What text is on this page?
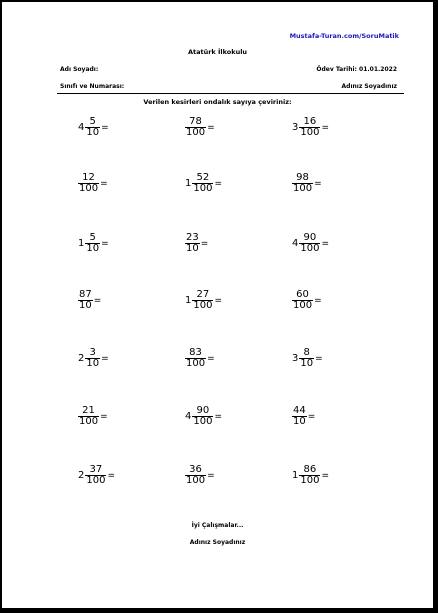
Mustafa-Turan.com/SoruMatik
Atatürk İlkokulu
Adı Soyadı:	Ödev Tarihi: 01.01.2022
Sınıfı ve Numarası:	Adınız Soyadınız
Verilen kesirleri ondalık sayıya çeviriniz:
$4 \frac{5}{10}$ =	$\frac{78}{100}$ =	$3 \frac{16}{100}$ =
$\frac{12}{100}$ =	$1 \frac{52}{100}$ =	$\frac{98}{100}$ =
$1 \frac{5}{10}$ =	$\frac{23}{10}$ =	$4 \frac{90}{100}$ =
$\frac{87}{10}$ =	$1 \frac{27}{100}$ =	$\frac{60}{100}$ =
$2 \frac{3}{10}$ =	$\frac{83}{100}$ =	$3 \frac{8}{10}$ =
$\frac{21}{100}$ =	$4 \frac{90}{100}$ =	$\frac{44}{10}$ =
$2 \frac{37}{100}$ =	$\frac{36}{100}$ =	$1 \frac{86}{100}$ =
İyi Çalışmalar...
Adınız Soyadınız
